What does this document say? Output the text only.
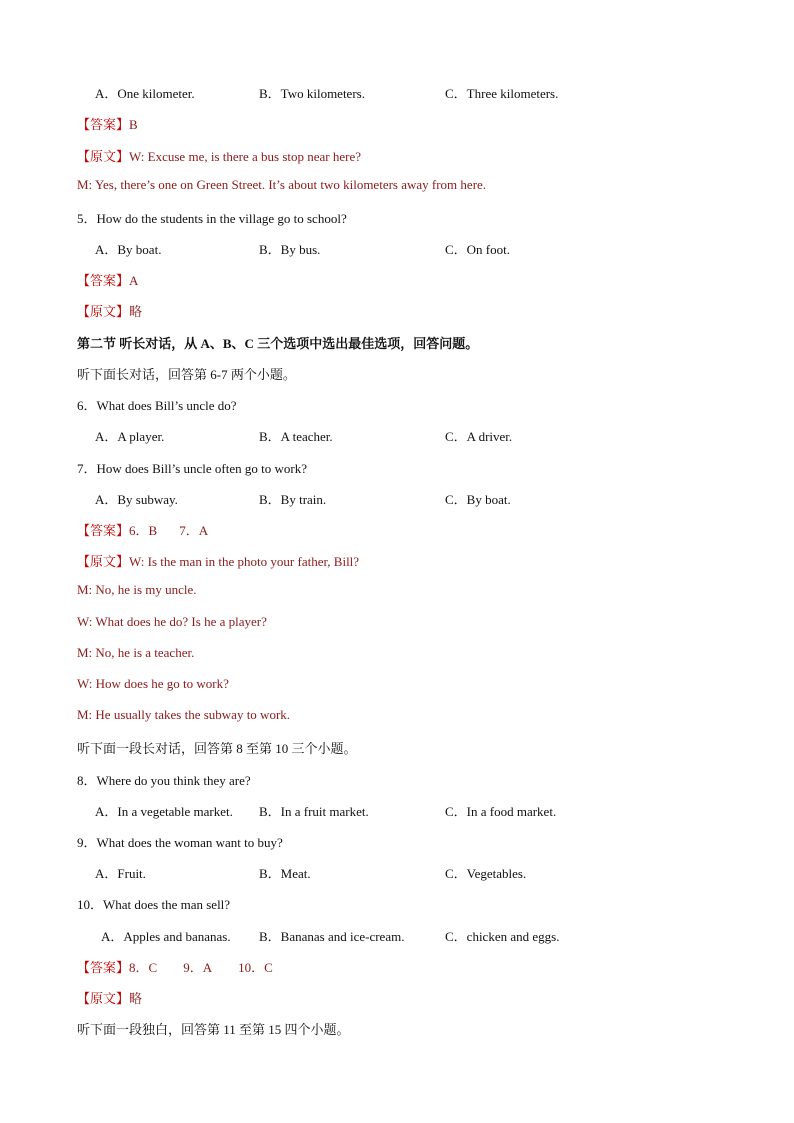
A．One kilometer.	B．Two kilometers.	C．Three kilometers.
【答案】B
【原文】W: Excuse me, is there a bus stop near here?
M: Yes, there’s one on Green Street. It’s about two kilometers away from here.
5．How do the students in the village go to school?
A．By boat.	B．By bus.	C．On foot.
【答案】A
【原文】略
第二节 听长对话，从 A、B、C 三个选项中选出最佳选项，回答问题。
听下面长对话，回答第 6-7 两个小题。
6．What does Bill’s uncle do?
A．A player.	B．A teacher.	C．A driver.
7．How does Bill’s uncle often go to work?
A．By subway.	B．By train.	C．By boat.
【答案】6．B 7．A
【原文】W: Is the man in the photo your father, Bill?
M: No, he is my uncle.
W: What does he do? Is he a player?
M: No, he is a teacher.
W: How does he go to work?
M: He usually takes the subway to work.
听下面一段长对话，回答第 8 至第 10 三个小题。
8．Where do you think they are?
A．In a vegetable market. B．In a fruit market.	C．In a food market.
9．What does the woman want to buy?
A．Fruit.	B．Meat.	C．Vegetables.
10．What does the man sell?
A．Apples and bananas. B．Bananas and ice-cream.	C．chicken and eggs.
【答案】8．C 9．A 10．C
【原文】略
听下面一段独白，回答第 11 至第 15 四个小题。
